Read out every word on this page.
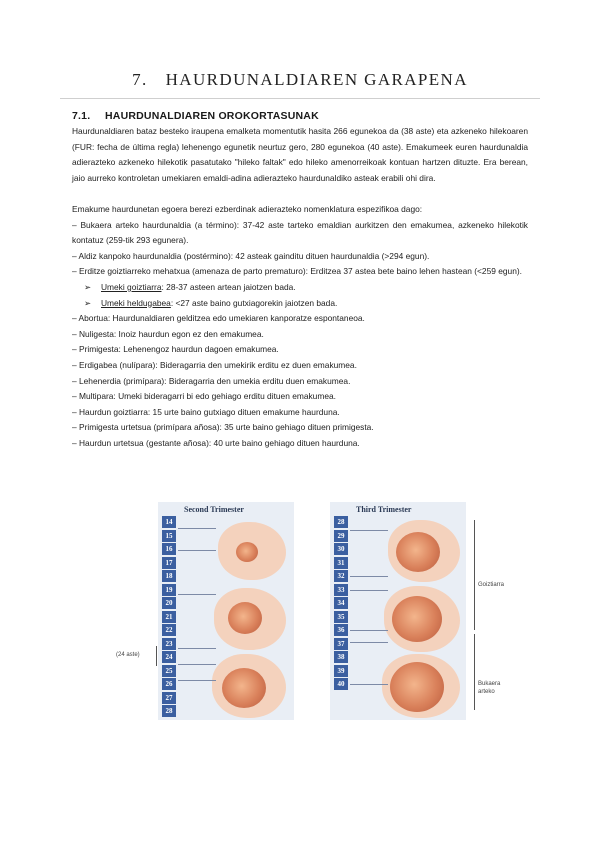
7. HAURDUNALDIAREN GARAPENA
7.1. HAURDUNALDIAREN OROKORTASUNAK

Haurdunaldiaren bataz besteko iraupena emalketa momentutik hasita 266 egunekoa da (38 aste) eta azkeneko hilekoaren (FUR: fecha de última regla) lehenengo egunetik neurtuz gero, 280 egunekoa (40 aste). Emakumeek euren haurdunaldia adierazteko azkeneko hilekotik pasatutako "hileko faltak" edo hileko amenorreikoak kontuan hartzen dituzte. Era berean, jaio aurreko kontroletan umekiaren emaldi-adina adierazteko haurdunaldiko asteak erabili ohi dira.

Emakume haurdunetan egoera berezi ezberdinak adierazteko nomenklatura espezifikoa dago:

– Bukaera arteko haurdunaldia (a término): 37-42 aste tarteko emaldian aurkitzen den emakumea, azkeneko hilekotik kontatuz (259-tik 293 egunera).

– Aldiz kanpoko haurdunaldia (postérmino): 42 asteak gainditu dituen haurdunaldia (>294 egun).

– Erditze goiztiarreko mehatxua (amenaza de parto prematuro): Erditzea 37 astea bete baino lehen hastean (<259 egun).

➢ Umeki goiztiarra: 28-37 asteen artean jaiotzen bada.

➢ Umeki heldugabea: <27 aste baino gutxiagorekin jaiotzen bada.

– Abortua: Haurdunaldiaren gelditzea edo umekiaren kanporatze espontaneoa.

– Nuligesta: Inoiz haurdun egon ez den emakumea.

– Primigesta: Lehenengoz haurdun dagoen emakumea.

– Erdigabea (nulípara): Bideragarria den umekirik erditu ez duen emakumea.

– Lehenerdia (primípara): Bideragarria den umekia erditu duen emakumea.

– Multipara: Umeki bideragarri bi edo gehiago erditu dituen emakumea.

– Haurdun goiztiarra: 15 urte baino gutxiago dituen emakume haurduna.

– Primigesta urtetsua (primípara añosa): 35 urte baino gehiago dituen primigesta.

– Haurdun urtetsua (gestante añosa): 40 urte baino gehiago dituen haurduna.

(24 aste)
Second Trimester
14
15
16
17
18
19
20
21
22
23
24
25
26
27
28
Third Trimester
28
29
30
31
32
33
34
35
36
37
38
39
40
Goiztiarra
Bukaera arteko
